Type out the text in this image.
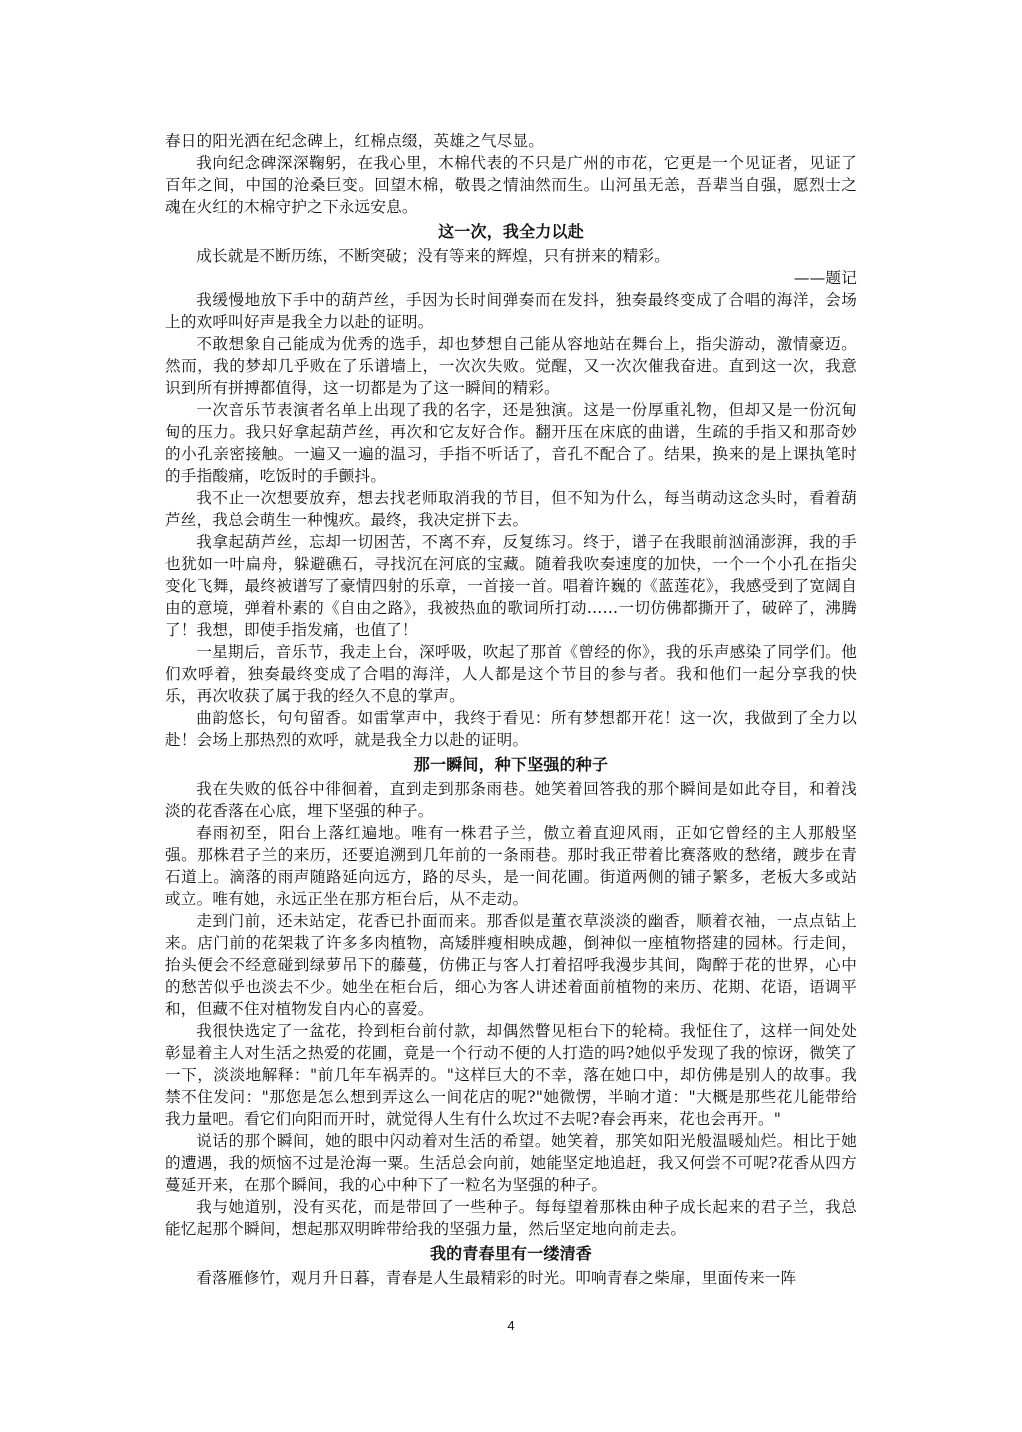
春日的阳光洒在纪念碑上，红棉点缀，英雄之气尽显。

我向纪念碑深深鞠躬，在我心里，木棉代表的不只是广州的市花，它更是一个见证者，见证了百年之间，中国的沧桑巨变。回望木棉，敬畏之情油然而生。山河虽无恙，吾辈当自强，愿烈士之魂在火红的木棉守护之下永远安息。

这一次，我全力以赴

成长就是不断历练，不断突破；没有等来的辉煌，只有拼来的精彩。

——题记

我缓慢地放下手中的葫芦丝，手因为长时间弹奏而在发抖，独奏最终变成了合唱的海洋，会场上的欢呼叫好声是我全力以赴的证明。

不敢想象自己能成为优秀的选手，却也梦想自己能从容地站在舞台上，指尖游动，激情豪迈。然而，我的梦却几乎败在了乐谱墙上，一次次失败。觉醒，又一次次催我奋进。直到这一次，我意识到所有拼搏都值得，这一切都是为了这一瞬间的精彩。

一次音乐节表演者名单上出现了我的名字，还是独演。这是一份厚重礼物，但却又是一份沉甸甸的压力。我只好拿起葫芦丝，再次和它友好合作。翻开压在床底的曲谱，生疏的手指又和那奇妙的小孔亲密接触。一遍又一遍的温习，手指不听话了，音孔不配合了。结果，换来的是上课执笔时的手指酸痛，吃饭时的手颤抖。

我不止一次想要放弃，想去找老师取消我的节目，但不知为什么，每当萌动这念头时，看着葫芦丝，我总会萌生一种愧疚。最终，我决定拼下去。

我拿起葫芦丝，忘却一切困苦，不离不弃，反复练习。终于，谱子在我眼前汹涌澎湃，我的手也犹如一叶扁舟，躲避礁石，寻找沉在河底的宝藏。随着我吹奏速度的加快，一个一个小孔在指尖变化飞舞，最终被谱写了豪情四射的乐章，一首接一首。唱着许巍的《蓝莲花》，我感受到了宽阔自由的意境，弹着朴素的《自由之路》，我被热血的歌词所打动……一切仿佛都撕开了，破碎了，沸腾了！我想，即使手指发痛，也值了！

一星期后，音乐节，我走上台，深呼吸，吹起了那首《曾经的你》，我的乐声感染了同学们。他们欢呼着，独奏最终变成了合唱的海洋，人人都是这个节目的参与者。我和他们一起分享我的快乐，再次收获了属于我的经久不息的掌声。

曲韵悠长，句句留香。如雷掌声中，我终于看见：所有梦想都开花！这一次，我做到了全力以赴！会场上那热烈的欢呼，就是我全力以赴的证明。

那一瞬间，种下坚强的种子

我在失败的低谷中徘徊着，直到走到那条雨巷。她笑着回答我的那个瞬间是如此夺目，和着浅淡的花香落在心底，埋下坚强的种子。

春雨初至，阳台上落红遍地。唯有一株君子兰，傲立着直迎风雨，正如它曾经的主人那般坚强。那株君子兰的来历，还要追溯到几年前的一条雨巷。那时我正带着比赛落败的愁绪，踱步在青石道上。滴落的雨声随路延向远方，路的尽头，是一间花圃。街道两侧的铺子繁多，老板大多或站或立。唯有她，永远正坐在那方柜台后，从不走动。

走到门前，还未站定，花香已扑面而来。那香似是董衣草淡淡的幽香，顺着衣袖，一点点钻上来。店门前的花架栽了许多多肉植物，高矮胖瘦相映成趣，倒神似一座植物搭建的园林。行走间，抬头便会不经意碰到绿萝吊下的藤蔓，仿佛正与客人打着招呼我漫步其间，陶醉于花的世界，心中的愁苦似乎也淡去不少。她坐在柜台后，细心为客人讲述着面前植物的来历、花期、花语，语调平和，但藏不住对植物发自内心的喜爱。

我很快选定了一盆花，拎到柜台前付款，却偶然瞥见柜台下的轮椅。我怔住了，这样一间处处彰显着主人对生活之热爱的花圃，竟是一个行动不便的人打造的吗?她似乎发现了我的惊讶，微笑了一下，淡淡地解释："前几年车祸弄的。"这样巨大的不幸，落在她口中，却仿佛是别人的故事。我禁不住发问："那您是怎么想到弄这么一间花店的呢?"她微愣，半晌才道："大概是那些花儿能带给我力量吧。看它们向阳而开时，就觉得人生有什么坎过不去呢?春会再来，花也会再开。"

说话的那个瞬间，她的眼中闪动着对生活的希望。她笑着，那笑如阳光般温暖灿烂。相比于她的遭遇，我的烦恼不过是沧海一粟。生活总会向前，她能坚定地追赶，我又何尝不可呢?花香从四方蔓延开来，在那个瞬间，我的心中种下了一粒名为坚强的种子。

我与她道别，没有买花，而是带回了一些种子。每每望着那株由种子成长起来的君子兰，我总能忆起那个瞬间，想起那双明眸带给我的坚强力量，然后坚定地向前走去。

我的青春里有一缕清香

看落雁修竹，观月升日暮，青春是人生最精彩的时光。叩响青春之柴扉，里面传来一阵

4
